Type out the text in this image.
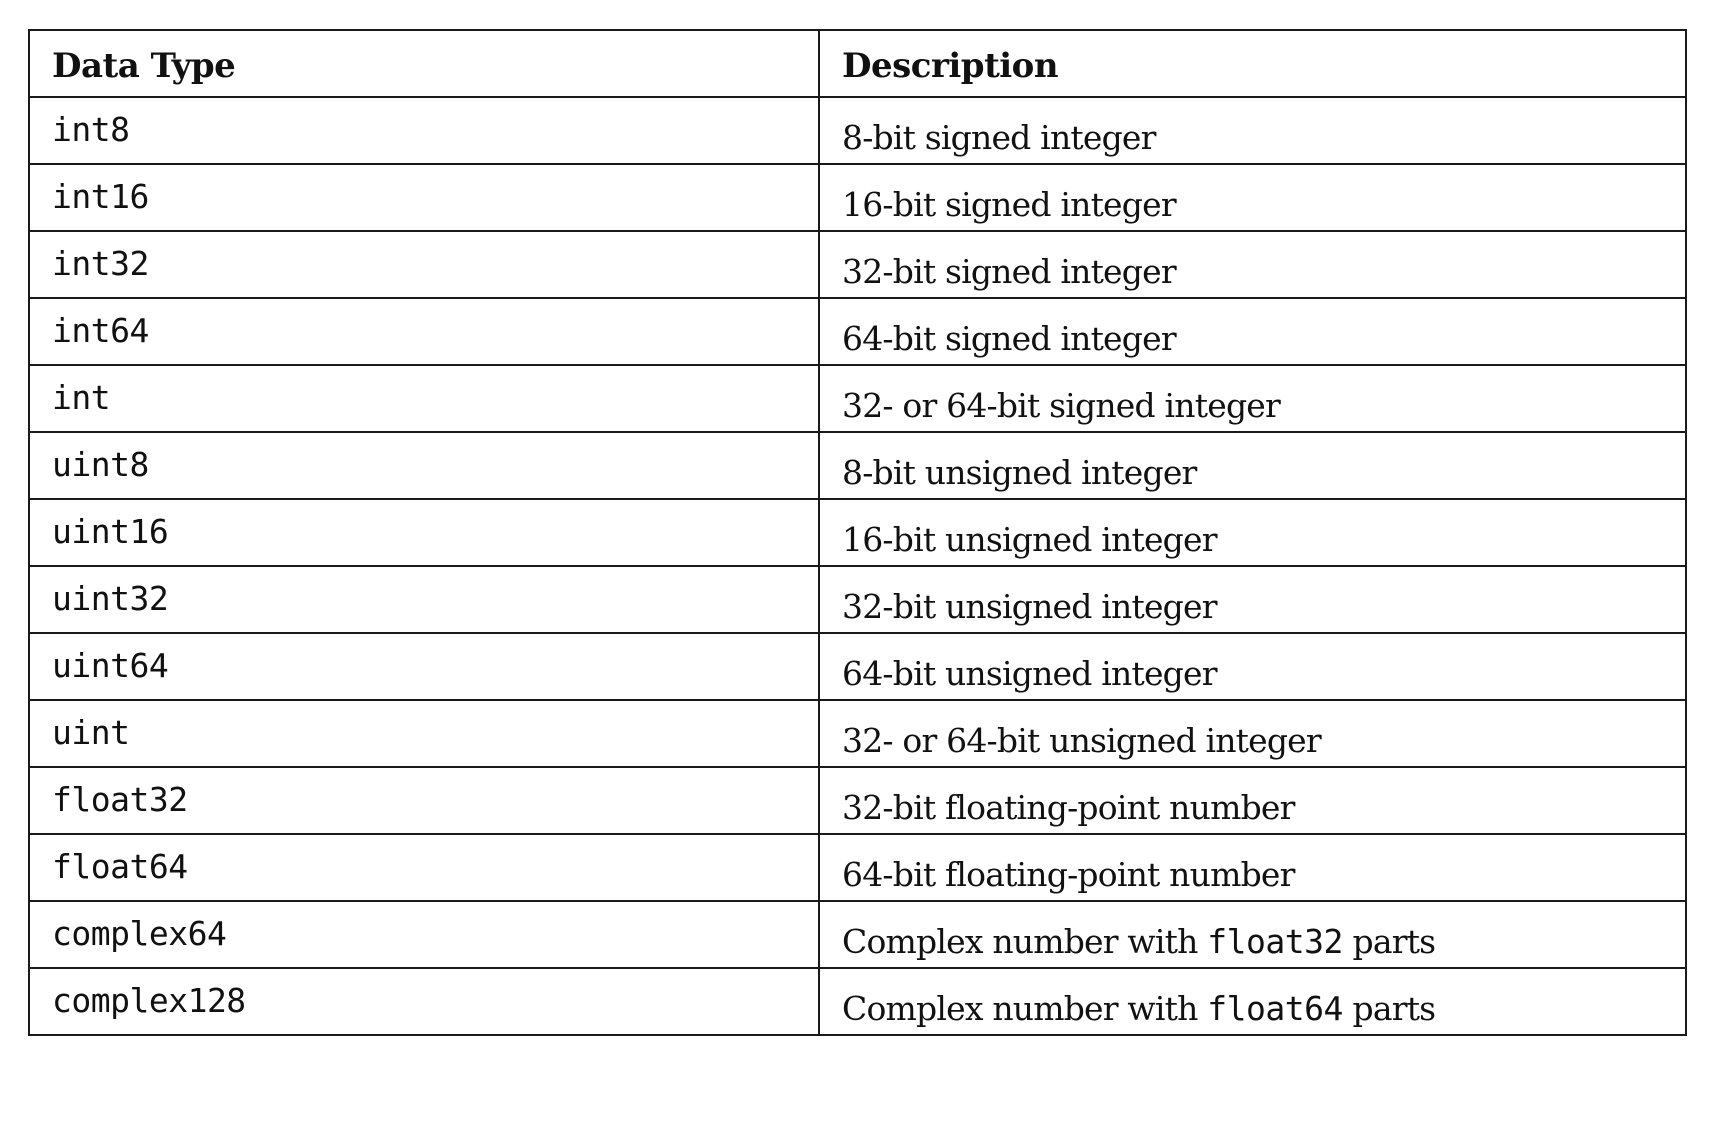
Data Type	Description
int8	8-bit signed integer
int16	16-bit signed integer
int32	32-bit signed integer
int64	64-bit signed integer
int	32- or 64-bit signed integer
uint8	8-bit unsigned integer
uint16	16-bit unsigned integer
uint32	32-bit unsigned integer
uint64	64-bit unsigned integer
uint	32- or 64-bit unsigned integer
float32	32-bit floating-point number
float64	64-bit floating-point number
complex64	Complex number with float32 parts
complex128	Complex number with float64 parts
